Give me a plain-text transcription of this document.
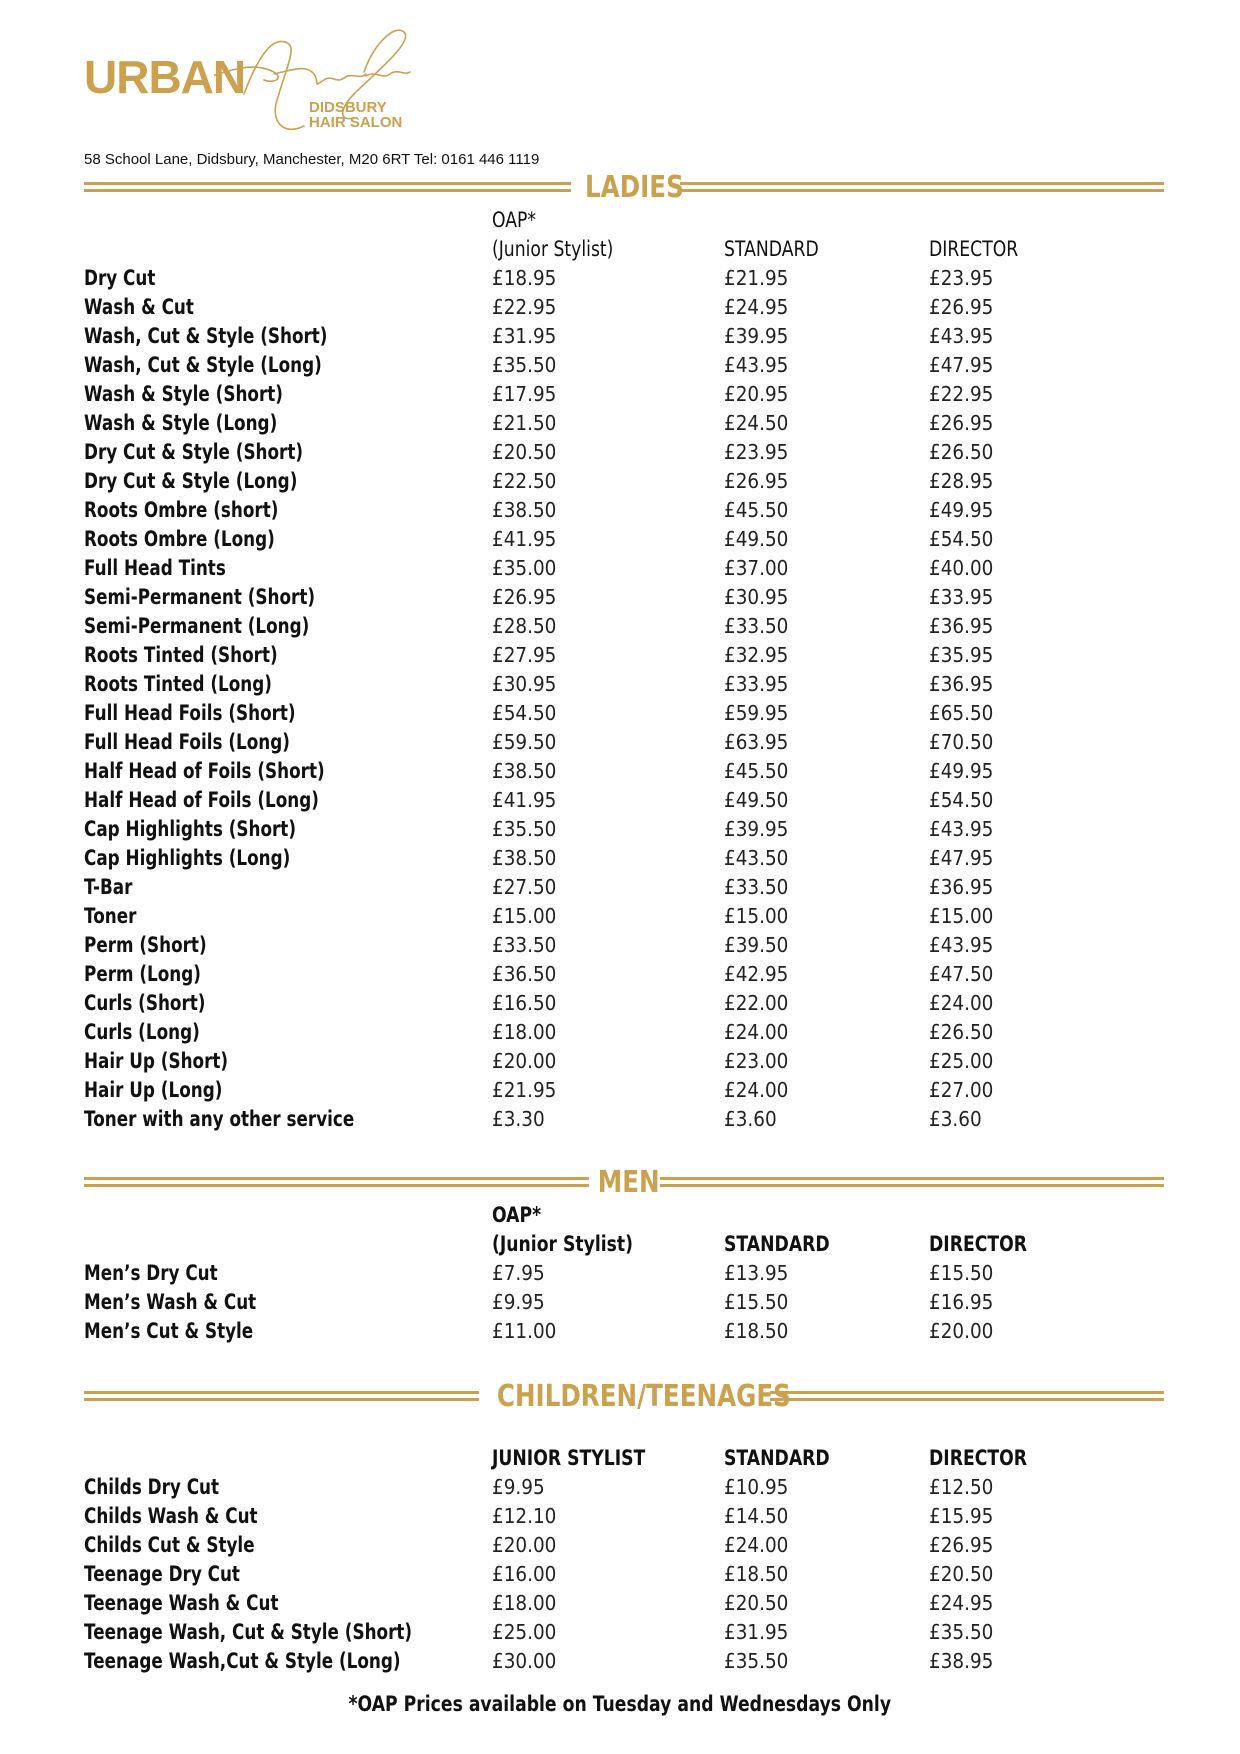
URBAN
DIDSBURY
HAIR SALON
58 School Lane, Didsbury, Manchester, M20 6RT Tel: 0161 446 1119
LADIES
OAP*
(Junior Stylist)	STANDARD	DIRECTOR
Dry Cut	£18.95	£21.95	£23.95
Wash & Cut	£22.95	£24.95	£26.95
Wash, Cut & Style (Short)	£31.95	£39.95	£43.95
Wash, Cut & Style (Long)	£35.50	£43.95	£47.95
Wash & Style (Short)	£17.95	£20.95	£22.95
Wash & Style (Long)	£21.50	£24.50	£26.95
Dry Cut & Style (Short)	£20.50	£23.95	£26.50
Dry Cut & Style (Long)	£22.50	£26.95	£28.95
Roots Ombre (short)	£38.50	£45.50	£49.95
Roots Ombre (Long)	£41.95	£49.50	£54.50
Full Head Tints	£35.00	£37.00	£40.00
Semi-Permanent (Short)	£26.95	£30.95	£33.95
Semi-Permanent (Long)	£28.50	£33.50	£36.95
Roots Tinted (Short)	£27.95	£32.95	£35.95
Roots Tinted (Long)	£30.95	£33.95	£36.95
Full Head Foils (Short)	£54.50	£59.95	£65.50
Full Head Foils (Long)	£59.50	£63.95	£70.50
Half Head of Foils (Short)	£38.50	£45.50	£49.95
Half Head of Foils (Long)	£41.95	£49.50	£54.50
Cap Highlights (Short)	£35.50	£39.95	£43.95
Cap Highlights (Long)	£38.50	£43.50	£47.95
T-Bar	£27.50	£33.50	£36.95
Toner	£15.00	£15.00	£15.00
Perm (Short)	£33.50	£39.50	£43.95
Perm (Long)	£36.50	£42.95	£47.50
Curls (Short)	£16.50	£22.00	£24.00
Curls (Long)	£18.00	£24.00	£26.50
Hair Up (Short)	£20.00	£23.00	£25.00
Hair Up (Long)	£21.95	£24.00	£27.00
Toner with any other service	£3.30	£3.60	£3.60
MEN
OAP*
(Junior Stylist)	STANDARD	DIRECTOR
Men’s Dry Cut	£7.95	£13.95	£15.50
Men’s Wash & Cut	£9.95	£15.50	£16.95
Men’s Cut & Style	£11.00	£18.50	£20.00
CHILDREN/TEENAGES
JUNIOR STYLIST	STANDARD	DIRECTOR
Childs Dry Cut	£9.95	£10.95	£12.50
Childs Wash & Cut	£12.10	£14.50	£15.95
Childs Cut & Style	£20.00	£24.00	£26.95
Teenage Dry Cut	£16.00	£18.50	£20.50
Teenage Wash & Cut	£18.00	£20.50	£24.95
Teenage Wash, Cut & Style (Short)	£25.00	£31.95	£35.50
Teenage Wash,Cut & Style (Long)	£30.00	£35.50	£38.95
*OAP Prices available on Tuesday and Wednesdays Only
